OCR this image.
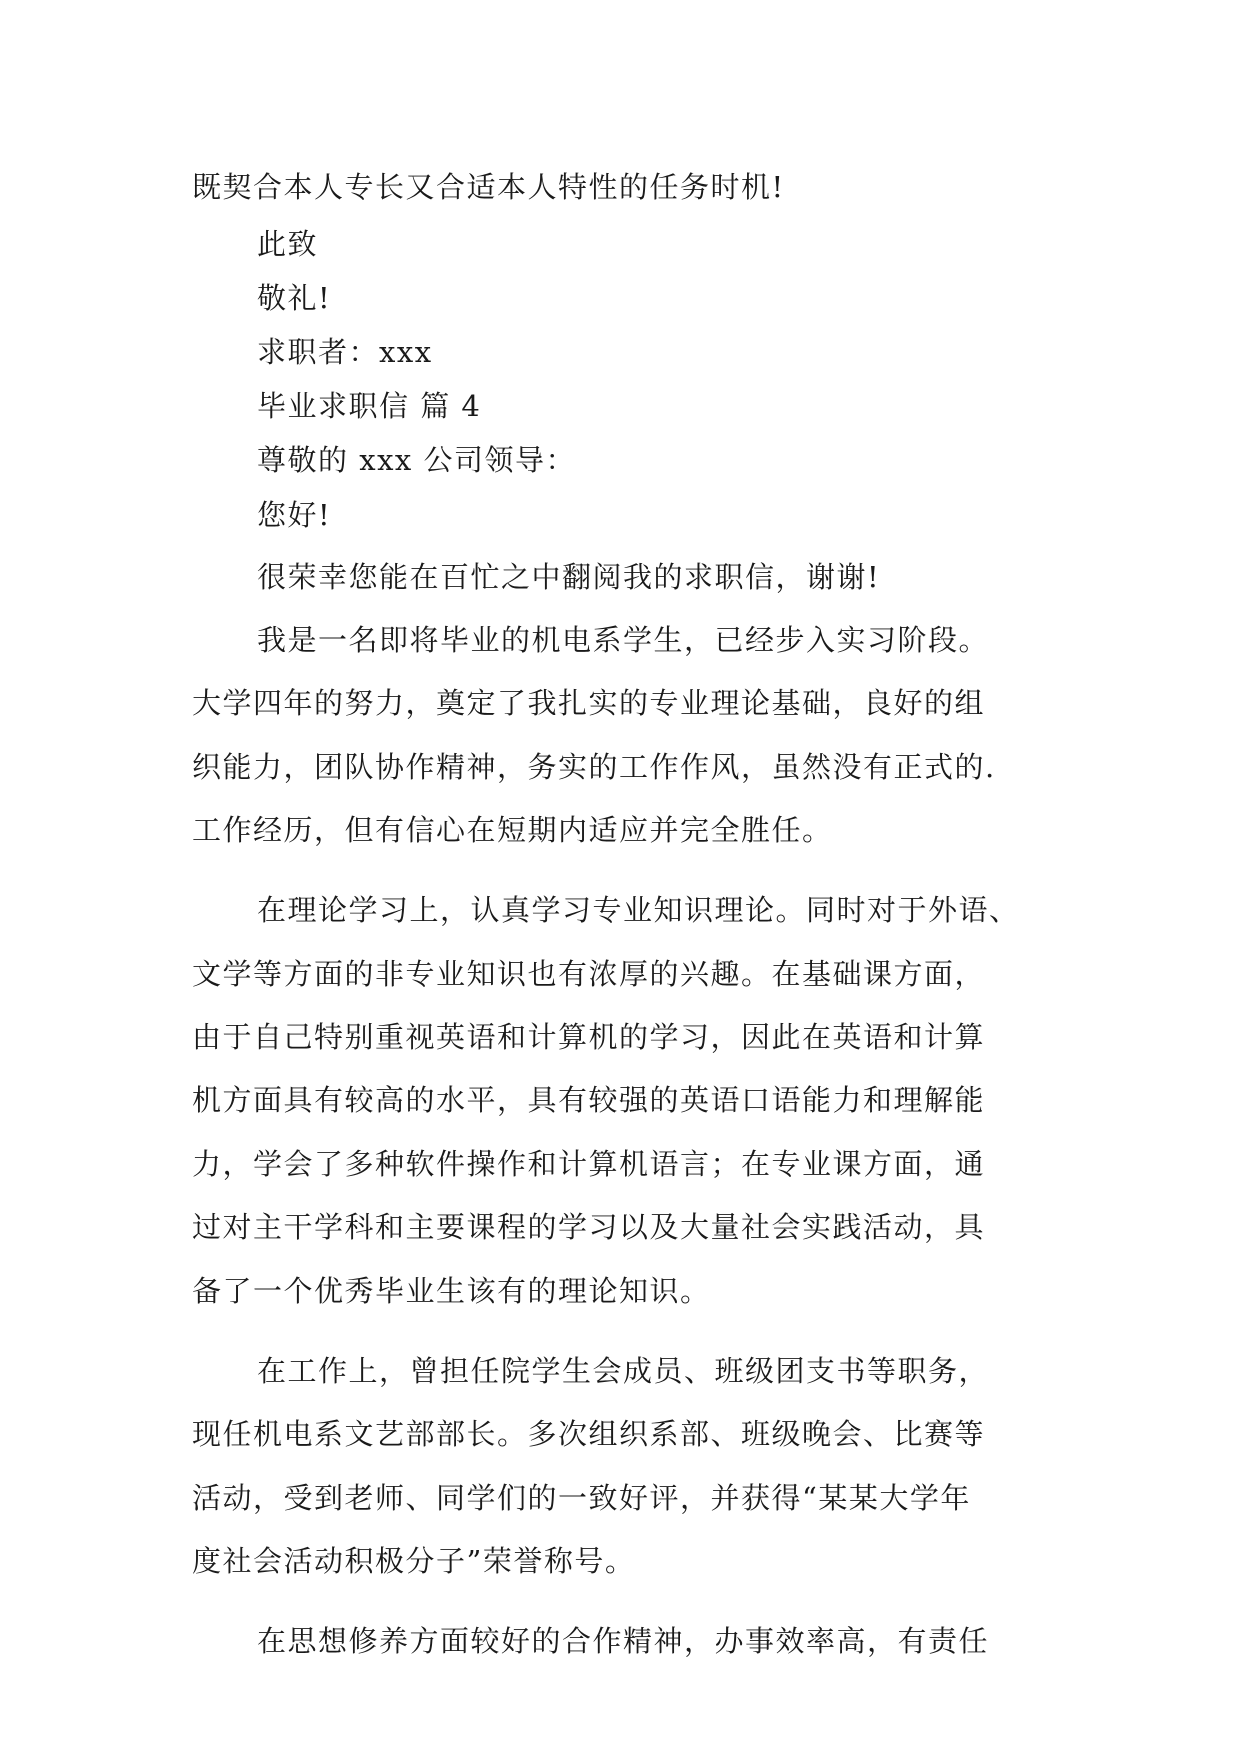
既契合本人专长又合适本人特性的任务时机!
此致
敬礼!
求职者：xxx
毕业求职信 篇 4
尊敬的 xxx 公司领导：
您好!
很荣幸您能在百忙之中翻阅我的求职信，谢谢!
我是一名即将毕业的机电系学生，已经步入实习阶段。
大学四年的努力，奠定了我扎实的专业理论基础，良好的组
织能力，团队协作精神，务实的工作作风，虽然没有正式的.
工作经历，但有信心在短期内适应并完全胜任。
在理论学习上，认真学习专业知识理论。同时对于外语、
文学等方面的非专业知识也有浓厚的兴趣。在基础课方面，
由于自己特别重视英语和计算机的学习，因此在英语和计算
机方面具有较高的水平，具有较强的英语口语能力和理解能
力，学会了多种软件操作和计算机语言；在专业课方面，通
过对主干学科和主要课程的学习以及大量社会实践活动，具
备了一个优秀毕业生该有的理论知识。
在工作上，曾担任院学生会成员、班级团支书等职务，
现任机电系文艺部部长。多次组织系部、班级晚会、比赛等
活动，受到老师、同学们的一致好评，并获得“某某大学年
度社会活动积极分子”荣誉称号。
在思想修养方面较好的合作精神，办事效率高，有责任
